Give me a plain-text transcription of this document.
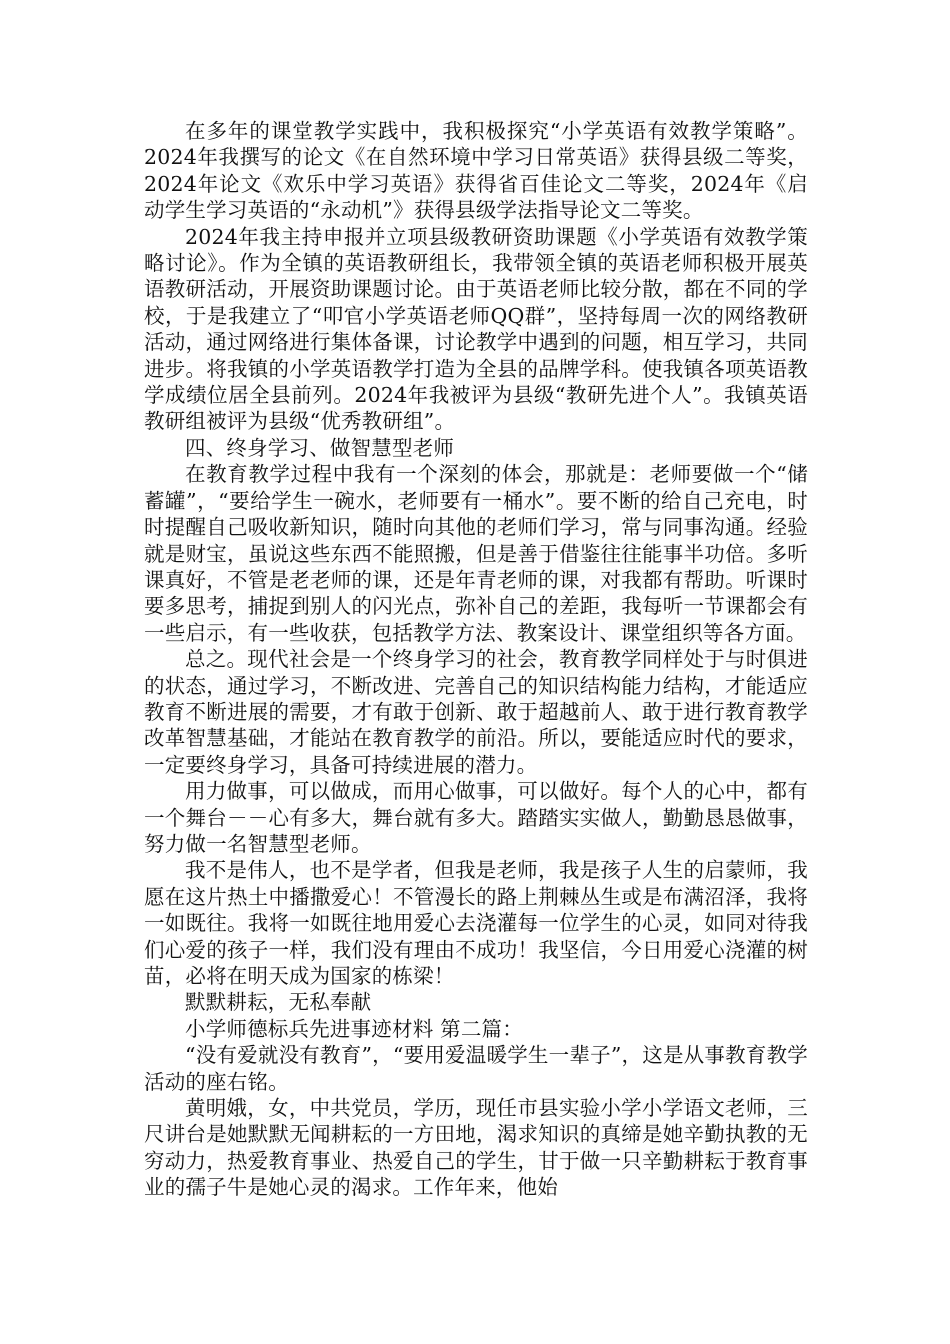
在多年的课堂教学实践中，我积极探究“小学英语有效教学策略”。2024年我撰写的论文《在自然环境中学习日常英语》获得县级二等奖，2024年论文《欢乐中学习英语》获得省百佳论文二等奖，2024年《启动学生学习英语的“永动机”》获得县级学法指导论文二等奖。

2024年我主持申报并立项县级教研资助课题《小学英语有效教学策略讨论》。作为全镇的英语教研组长，我带领全镇的英语老师积极开展英语教研活动，开展资助课题讨论。由于英语老师比较分散，都在不同的学校，于是我建立了“叩官小学英语老师QQ群”，坚持每周一次的网络教研活动，通过网络进行集体备课，讨论教学中遇到的问题，相互学习，共同进步。将我镇的小学英语教学打造为全县的品牌学科。使我镇各项英语教学成绩位居全县前列。2024年我被评为县级“教研先进个人”。我镇英语教研组被评为县级“优秀教研组”。

四、终身学习、做智慧型老师

在教育教学过程中我有一个深刻的体会，那就是：老师要做一个“储蓄罐”，“要给学生一碗水，老师要有一桶水”。要不断的给自己充电，时时提醒自己吸收新知识，随时向其他的老师们学习，常与同事沟通。经验就是财宝，虽说这些东西不能照搬，但是善于借鉴往往能事半功倍。多听课真好，不管是老老师的课，还是年青老师的课，对我都有帮助。听课时要多思考，捕捉到别人的闪光点，弥补自己的差距，我每听一节课都会有一些启示，有一些收获，包括教学方法、教案设计、课堂组织等各方面。

总之。现代社会是一个终身学习的社会，教育教学同样处于与时俱进的状态，通过学习，不断改进、完善自己的知识结构能力结构，才能适应教育不断进展的需要，才有敢于创新、敢于超越前人、敢于进行教育教学改革智慧基础，才能站在教育教学的前沿。所以，要能适应时代的要求，一定要终身学习，具备可持续进展的潜力。

用力做事，可以做成，而用心做事，可以做好。每个人的心中，都有一个舞台－－心有多大，舞台就有多大。踏踏实实做人，勤勤恳恳做事，努力做一名智慧型老师。

我不是伟人，也不是学者，但我是老师，我是孩子人生的启蒙师，我愿在这片热土中播撒爱心！不管漫长的路上荆棘丛生或是布满沼泽，我将一如既往。我将一如既往地用爱心去浇灌每一位学生的心灵，如同对待我们心爱的孩子一样，我们没有理由不成功！我坚信，今日用爱心浇灌的树苗，必将在明天成为国家的栋梁！

默默耕耘，无私奉献

小学师德标兵先进事迹材料 第二篇：

“没有爱就没有教育”，“要用爱温暖学生一辈子”，这是从事教育教学活动的座右铭。

黄明娥，女，中共党员，学历，现任市县实验小学小学语文老师，三尺讲台是她默默无闻耕耘的一方田地，渴求知识的真缔是她辛勤执教的无穷动力，热爱教育事业、热爱自己的学生，甘于做一只辛勤耕耘于教育事业的孺子牛是她心灵的渴求。工作年来，他始
